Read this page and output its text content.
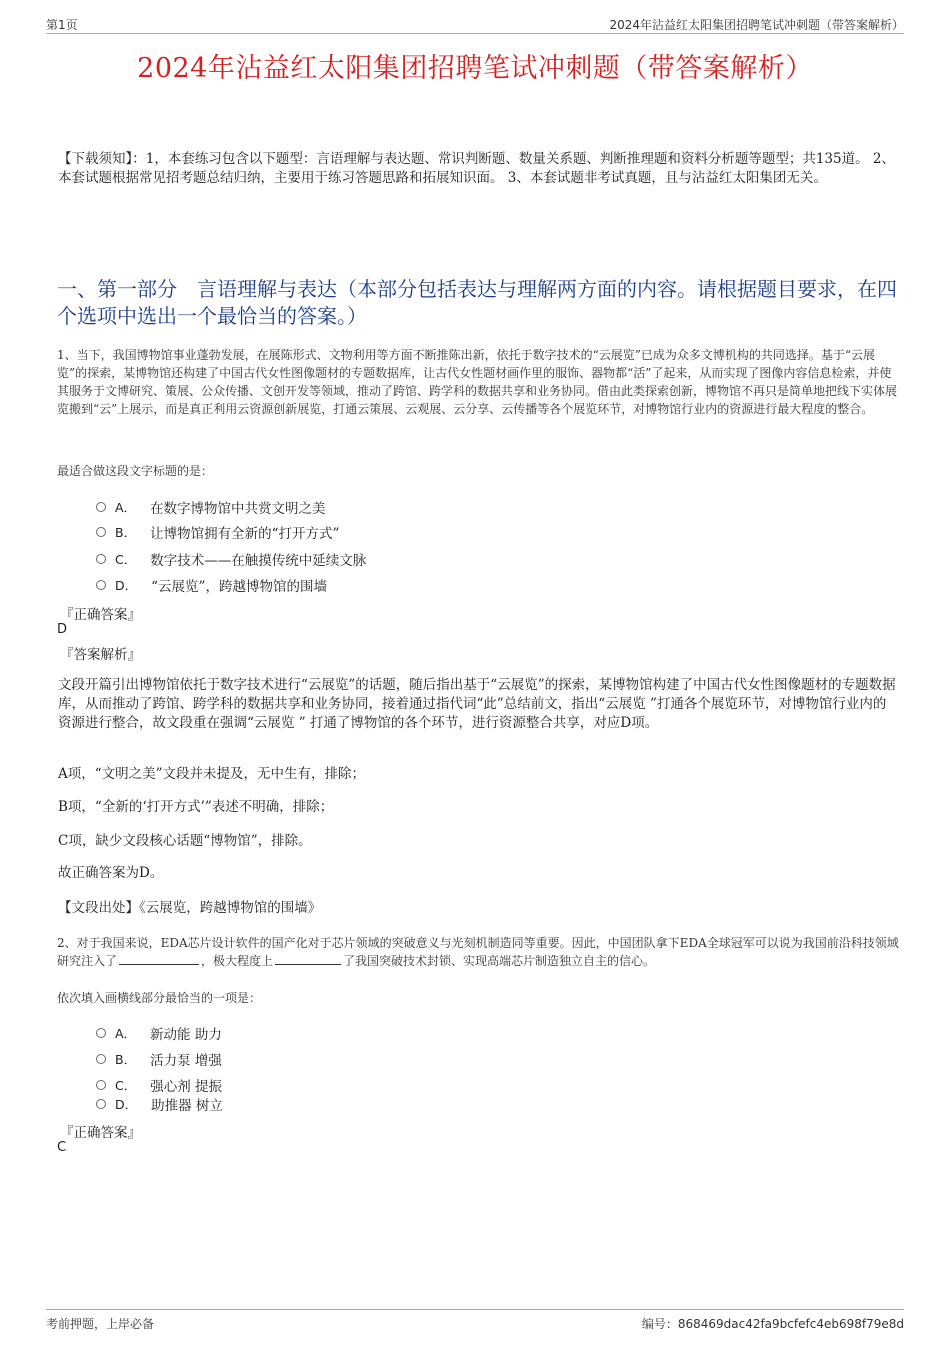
第1页	2024年沾益红太阳集团招聘笔试冲刺题（带答案解析）
2024年沾益红太阳集团招聘笔试冲刺题（带答案解析）
【下载须知】：1，本套练习包含以下题型：言语理解与表达题、常识判断题、数量关系题、判断推理题和资料分析题等题型；共135道。 2、本套试题根据常见招考题总结归纳，主要用于练习答题思路和拓展知识面。 3、本套试题非考试真题，且与沾益红太阳集团无关。
一、第一部分　言语理解与表达（本部分包括表达与理解两方面的内容。请根据题目要求，在四个选项中选出一个最恰当的答案。）
1、当下，我国博物馆事业蓬勃发展，在展陈形式、文物利用等方面不断推陈出新，依托于数字技术的“云展览”已成为众多文博机构的共同选择。基于“云展览”的探索，某博物馆还构建了中国古代女性图像题材的专题数据库，让古代女性题材画作里的服饰、器物都“活”了起来，从而实现了图像内容信息检索，并使其服务于文博研究、策展、公众传播、文创开发等领域，推动了跨馆、跨学科的数据共享和业务协同。借由此类探索创新，博物馆不再只是简单地把线下实体展览搬到“云”上展示，而是真正利用云资源创新展览，打通云策展、云观展、云分享、云传播等各个展览环节，对博物馆行业内的资源进行最大程度的整合。
最适合做这段文字标题的是：
A． 在数字博物馆中共赏文明之美
B． 让博物馆拥有全新的“打开方式”
C． 数字技术——在触摸传统中延续文脉
D． “云展览”，跨越博物馆的围墙
『正确答案』
D
『答案解析』
文段开篇引出博物馆依托于数字技术进行“云展览”的话题，随后指出基于“云展览”的探索，某博物馆构建了中国古代女性图像题材的专题数据库，从而推动了跨馆、跨学科的数据共享和业务协同，接着通过指代词“此”总结前文，指出“云展览 ”打通各个展览环节，对博物馆行业内的资源进行整合，故文段重在强调“云展览 ” 打通了博物馆的各个环节，进行资源整合共享，对应D项。
A项，“文明之美”文段并未提及，无中生有，排除；
B项，“全新的‘打开方式’”表述不明确，排除；
C项，缺少文段核心话题“博物馆”，排除。
故正确答案为D。
【文段出处】《云展览，跨越博物馆的围墙》
2、对于我国来说，EDA芯片设计软件的国产化对于芯片领域的突破意义与光刻机制造同等重要。因此，中国团队拿下EDA全球冠军可以说为我国前沿科技领域研究注入了	，极大程度上	了我国突破技术封锁、实现高端芯片制造独立自主的信心。
依次填入画横线部分最恰当的一项是：
A． 新动能 助力
B． 活力泵 增强
C． 强心剂 提振
D． 助推器 树立
『正确答案』
C
考前押题，上岸必备	编号：868469dac42fa9bcfefc4eb698f79e8d
